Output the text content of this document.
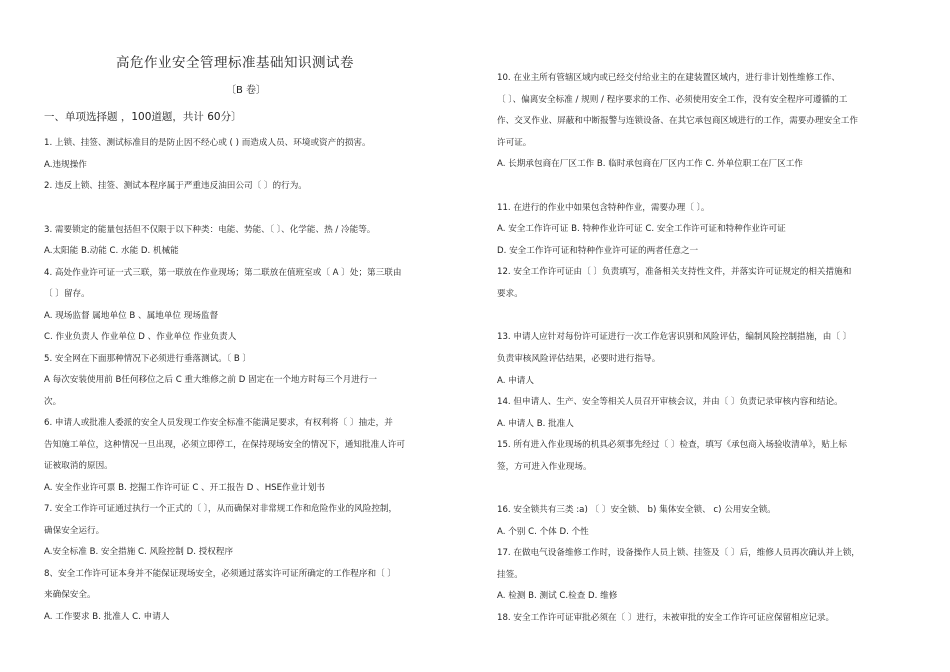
高危作业安全管理标准基础知识测试卷
〔B 卷〕
一、单项选择题 ，100道题，共计 60分〕
1. 上锁、挂签、测试标准目的是防止因不经心或 ( ) 而造成人员、环境或资产的损害。
A.违规操作
2. 违反上锁、挂签、测试本程序属于严重违反油田公司〔 〕的行为。
3. 需要锁定的能量包括但不仅限于以下种类：电能、势能、〔 〕、化学能、热 / 冷能等。
A.太阳能 B.动能 C. 水能 D. 机械能
4. 高处作业许可证一式三联，第一联放在作业现场；第二联放在值班室或〔 A 〕处；第三联由
〔 〕留存。
A. 现场监督 属地单位 B 、属地单位 现场监督
C. 作业负责人 作业单位 D 、作业单位 作业负责人
5. 安全网在下面那种情况下必须进行垂落测试。〔 B 〕
A 每次安装使用前 B任何移位之后 C 重大维修之前 D 固定在一个地方时每三个月进行一
次。
6. 申请人或批准人委派的安全人员发现工作安全标准不能满足要求，有权利将〔 〕抽走，并
告知施工单位，这种情况一旦出现，必须立即停工，在保持现场安全的情况下，通知批准人许可
证被取消的原因。
A. 安全作业许可票 B. 挖掘工作许可证 C 、开工报告 D 、HSE作业计划书
7. 安全工作许可证通过执行一个正式的〔 〕，从而确保对非常规工作和危险作业的风险控制，
确保安全运行。
A.安全标准 B. 安全措施 C. 风险控制 D. 授权程序
8、安全工作许可证本身并不能保证现场安全，必须通过落实许可证所确定的工作程序和〔 〕
来确保安全。
A. 工作要求 B. 批准人 C. 申请人
10. 在业主所有管辖区域内或已经交付给业主的在建装置区域内，进行非计划性维修工作、
〔 〕、偏离安全标准 / 规则 / 程序要求的工作、必须使用安全工作，没有安全程序可遵循的工
作、交叉作业、屏蔽和中断报警与连锁设备、在其它承包商区域进行的工作，需要办理安全工作
许可证。
A. 长期承包商在厂区工作 B. 临时承包商在厂区内工作 C. 外单位职工在厂区工作
11. 在进行的作业中如果包含特种作业，需要办理〔 〕。
A. 安全工作许可证 B. 特种作业许可证 C. 安全工作许可证和特种作业许可证
D. 安全工作许可证和特种作业许可证的两者任意之一
12. 安全工作许可证由〔 〕负责填写，准备相关支持性文件，并落实许可证规定的相关措施和
要求。
13. 申请人应针对每份许可证进行一次工作危害识别和风险评估，编制风险控制措施，由〔 〕
负责审核风险评估结果，必要时进行指导。
A. 申请人
14. 但申请人、生产、安全等相关人员召开审核会议，并由〔 〕负责记录审核内容和结论。
A. 申请人 B. 批准人
15. 所有进入作业现场的机具必须事先经过〔 〕检查，填写《承包商入场验收清单》，贴上标
签，方可进入作业现场。
16. 安全锁共有三类 :a) 〔 〕安全锁、 b) 集体安全锁、 c) 公用安全锁。
A. 个别 C. 个体 D. 个性
17. 在做电气设备维修工作时，设备操作人员上锁、挂签及〔 〕后，维修人员再次确认并上锁，
挂签。
A. 检测 B. 测试 C.检查 D. 维修
18. 安全工作许可证审批必须在〔 〕进行，未被审批的安全工作许可证应保留相应记录。
